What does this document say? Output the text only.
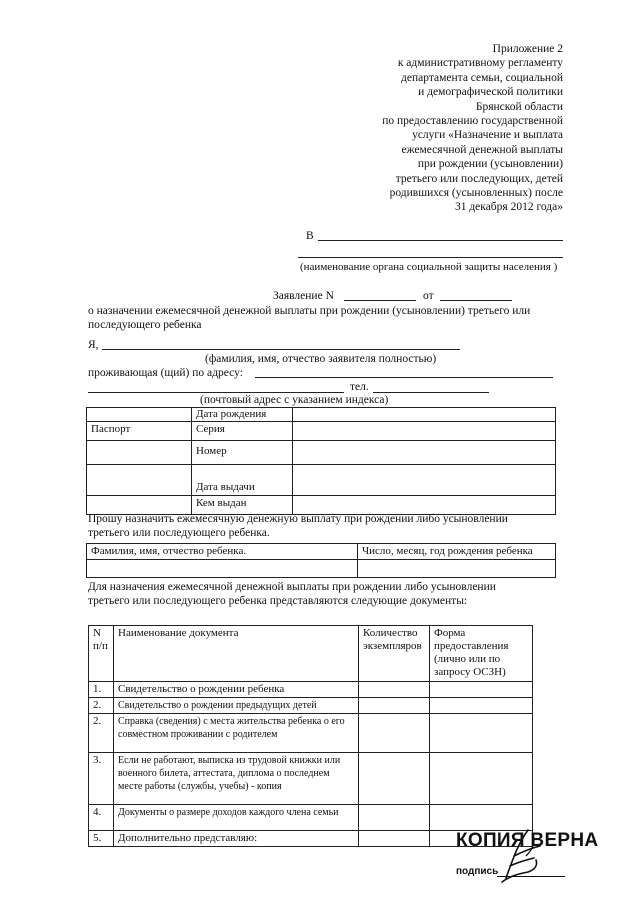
Приложение 2
к административному регламенту
департамента семьи, социальной
и демографической политики
Брянской области
по предоставлению государственной
услуги «Назначение и выплата
ежемесячной денежной выплаты
при рождении (усыновлении)
третьего или последующих, детей
родившихся (усыновленных) после
31 декабря 2012 года»
В
(наименование органа социальной защиты населения )
Заявление N	от
о назначении ежемесячной денежной выплаты при рождении (усыновлении) третьего или
последующего ребенка
Я,
(фамилия, имя, отчество заявителя полностью)
проживающая (щий) по адресу:
тел.
(почтовый адрес с указанием индекса)
	Дата рождения	
Паспорт	Серия	
	Номер	
	Дата выдачи	
	Кем выдан	
Прошу назначить ежемесячную денежную выплату при рождении либо усыновлении
третьего или последующего ребенка.
Фамилия, имя, отчество ребенка.	Число, месяц, год рождения ребенка

Для назначения ежемесячной денежной выплаты при рождении либо усыновлении
третьего или последующего ребенка представляются следующие документы:
N п/п	Наименование документа	Количество экземпляров	Форма предоставления (лично или по запросу ОСЗН)
1.	Свидетельство о рождении ребенка		
2.	Свидетельство о рождении предыдущих детей		
2.	Справка (сведения) с места жительства ребенка о его совместном проживании с родителем		
3.	Если не работают, выписка из трудовой книжки или военного билета, аттестата, диплома о последнем месте работы (службы, учебы) - копия		
4.	Документы о размере доходов каждого члена семьи		
5.	Дополнительно представляю:			КОПИЯ ВЕРНА
подпись
